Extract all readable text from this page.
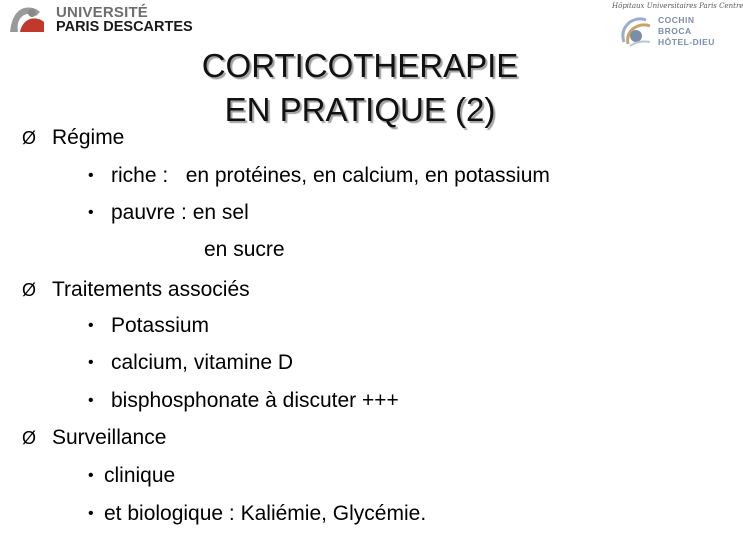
UNIVERSITÉ
PARIS DESCARTES
Hôpitaux Universitaires Paris Centre
COCHIN
BROCA
HÔTEL-DIEU
CORTICOTHERAPIE
EN PRATIQUE (2)
Ø Régime
• riche :   en protéines, en calcium, en potassium
• pauvre : en sel
en sucre
Ø Traitements associés
• Potassium
• calcium, vitamine D
• bisphosphonate à discuter +++
Ø Surveillance
• clinique
• et biologique : Kaliémie, Glycémie.
